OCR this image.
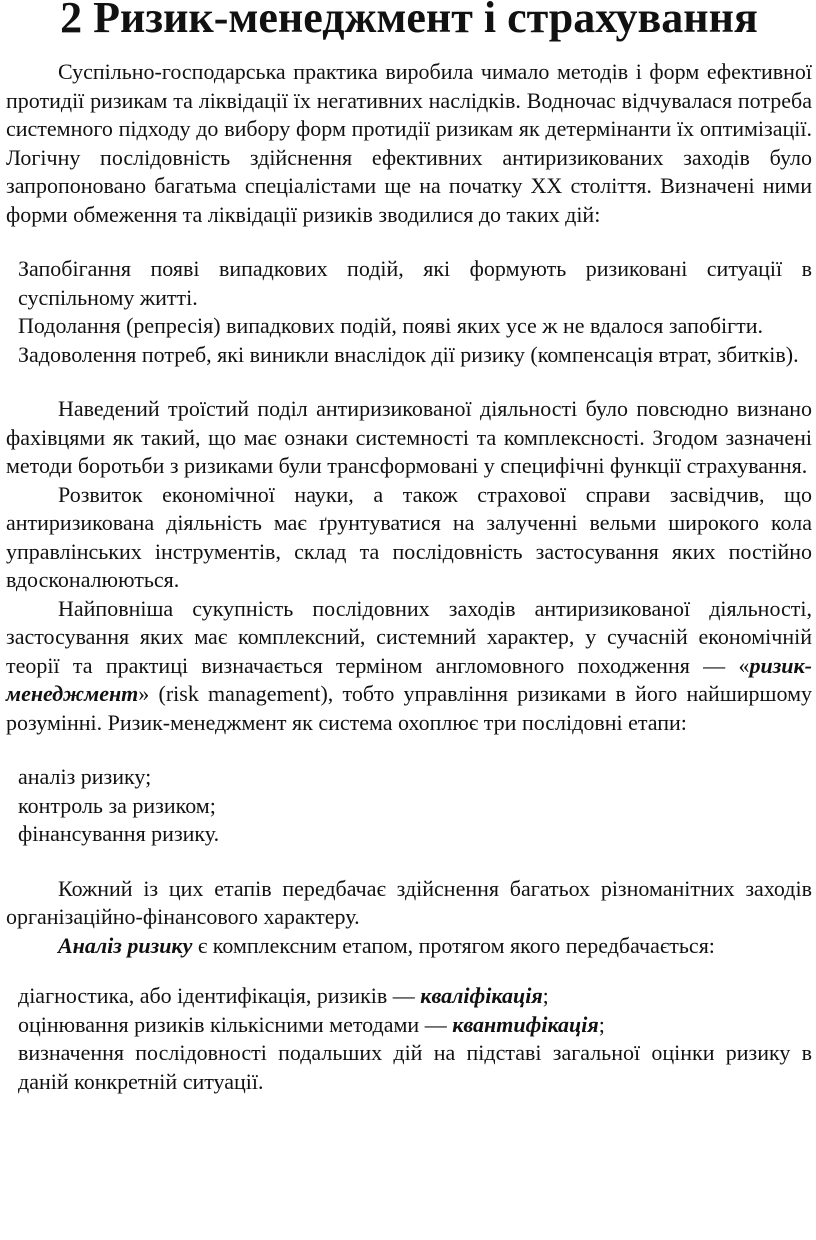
2 Ризик-менеджмент і страхування

Суспільно-господарська практика виробила чимало методів і форм ефективної протидії ризикам та ліквідації їх негативних наслідків. Водночас відчувалася потреба системного підходу до вибору форм протидії ризикам як детермінанти їх оптимізації. Логічну послідовність здійснення ефективних антиризикованих заходів було запропоновано багатьма спеціалістами ще на початку XX століття. Визначені ними форми обмеження та ліквідації ризиків зводилися до таких дій:

Запобігання появі випадкових подій, які формують ризиковані ситуації в суспільному житті.
Подолання (репресія) випадкових подій, появі яких усе ж не вдалося запобігти.
Задоволення потреб, які виникли внаслідок дії ризику (компенсація втрат, збитків).

Наведений троїстий поділ антиризикованої діяльності було повсюдно визнано фахівцями як такий, що має ознаки системності та комплексності. Згодом зазначені методи боротьби з ризиками були трансформовані у специфічні функції страхування.

Розвиток економічної науки, а також страхової справи засвідчив, що антиризикована діяльність має ґрунтуватися на залученні вельми широкого кола управлінських інструментів, склад та послідовність застосування яких постійно вдосконалюються.

Найповніша сукупність послідовних заходів антиризикованої діяльності, застосування яких має комплексний, системний характер, у сучасній економічній теорії та практиці визначається терміном англомовного походження — «ризик-менеджмент» (risk management), тобто управління ризиками в його найширшому розумінні. Ризик-менеджмент як система охоплює три послідовні етапи:

аналіз ризику;
контроль за ризиком;
фінансування ризику.

Кожний із цих етапів передбачає здійснення багатьох різноманітних заходів організаційно-фінансового характеру.

Аналіз ризику є комплексним етапом, протягом якого передбачається:

діагностика, або ідентифікація, ризиків — кваліфікація;
оцінювання ризиків кількісними методами — квантифікація;
визначення послідовності подальших дій на підставі загальної оцінки ризику в даній конкретній ситуації.
